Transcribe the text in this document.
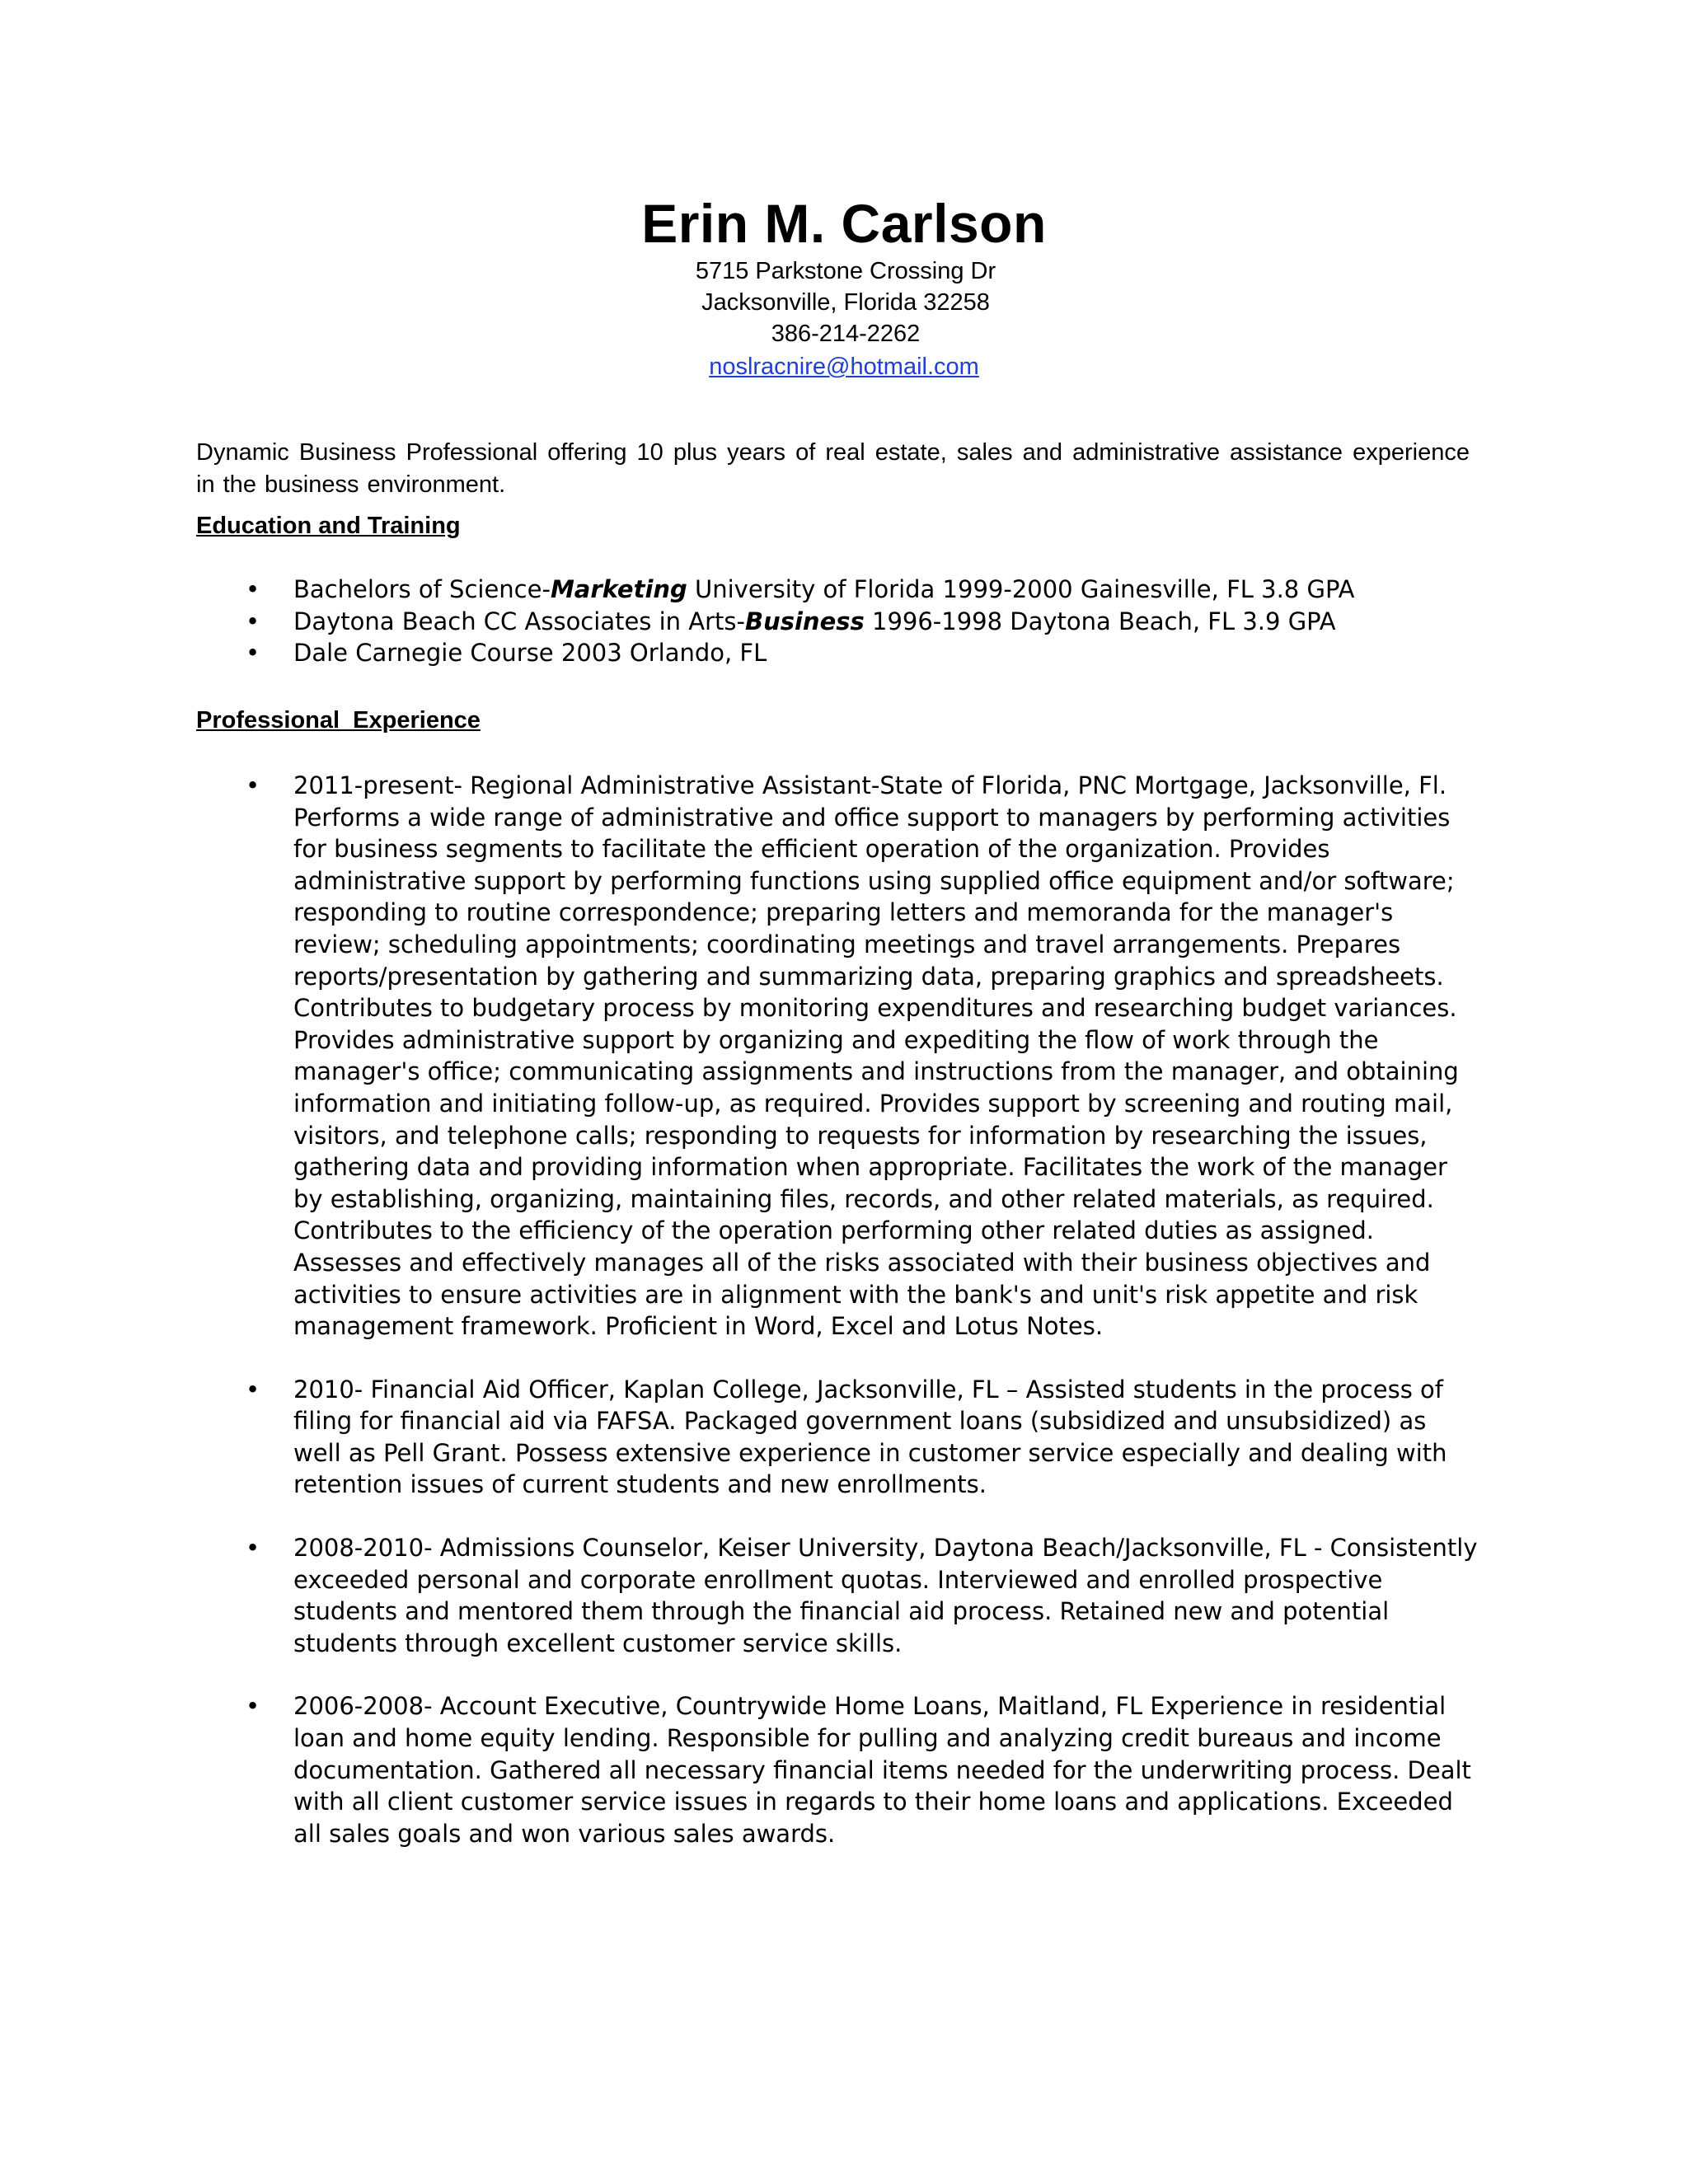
Erin M. Carlson

5715 Parkstone Crossing Dr

Jacksonville, Florida 32258

386-214-2262

noslracnire@hotmail.com

Dynamic Business Professional offering 10 plus years of real estate, sales and administrative assistance experience in the business environment.

Education and Training
• Bachelors of Science-Marketing University of Florida 1999-2000 Gainesville, FL 3.8 GPA
• Daytona Beach CC Associates in Arts-Business 1996-1998 Daytona Beach, FL 3.9 GPA
• Dale Carnegie Course 2003 Orlando, FL
Professional  Experience
• 2011-present- Regional Administrative Assistant-State of Florida, PNC Mortgage, Jacksonville, Fl. Performs a wide range of administrative and office support to managers by performing activities for business segments to facilitate the efficient operation of the organization. Provides administrative support by performing functions using supplied office equipment and/or software; responding to routine correspondence; preparing letters and memoranda for the manager's review; scheduling appointments; coordinating meetings and travel arrangements. Prepares reports/presentation by gathering and summarizing data, preparing graphics and spreadsheets. Contributes to budgetary process by monitoring expenditures and researching budget variances. Provides administrative support by organizing and expediting the flow of work through the manager's office; communicating assignments and instructions from the manager, and obtaining information and initiating follow-up, as required. Provides support by screening and routing mail, visitors, and telephone calls; responding to requests for information by researching the issues, gathering data and providing information when appropriate. Facilitates the work of the manager by establishing, organizing, maintaining files, records, and other related materials, as required. Contributes to the efficiency of the operation performing other related duties as assigned. Assesses and effectively manages all of the risks associated with their business objectives and activities to ensure activities are in alignment with the bank's and unit's risk appetite and risk management framework. Proficient in Word, Excel and Lotus Notes.
• 2010- Financial Aid Officer, Kaplan College, Jacksonville, FL – Assisted students in the process of filing for financial aid via FAFSA. Packaged government loans (subsidized and unsubsidized) as well as Pell Grant. Possess extensive experience in customer service especially and dealing with retention issues of current students and new enrollments.
• 2008-2010- Admissions Counselor, Keiser University, Daytona Beach/Jacksonville, FL - Consistently exceeded personal and corporate enrollment quotas. Interviewed and enrolled prospective students and mentored them through the financial aid process. Retained new and potential students through excellent customer service skills.
• 2006-2008- Account Executive, Countrywide Home Loans, Maitland, FL Experience in residential loan and home equity lending. Responsible for pulling and analyzing credit bureaus and income documentation. Gathered all necessary financial items needed for the underwriting process. Dealt with all client customer service issues in regards to their home loans and applications. Exceeded all sales goals and won various sales awards.
